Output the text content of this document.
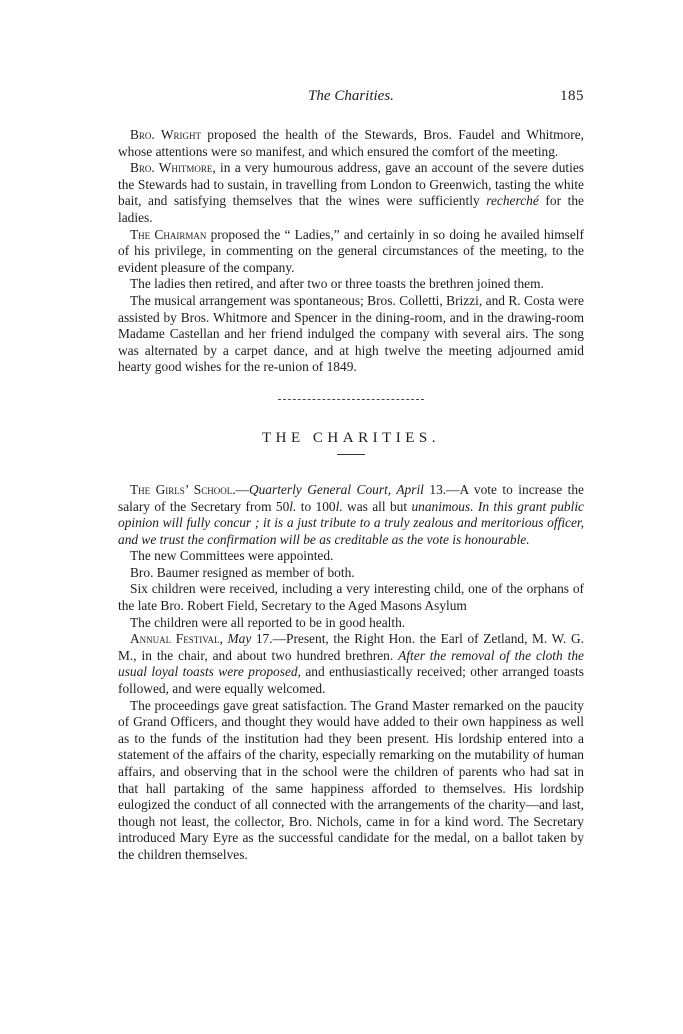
The Charities.	185

Bro. Wright proposed the health of the Stewards, Bros. Faudel and Whitmore, whose attentions were so manifest, and which ensured the comfort of the meeting.

Bro. Whitmore, in a very humourous address, gave an account of the severe duties the Stewards had to sustain, in travelling from London to Greenwich, tasting the white bait, and satisfying themselves that the wines were sufficiently recherché for the ladies.

The Chairman proposed the “ Ladies,” and certainly in so doing he availed himself of his privilege, in commenting on the general circumstances of the meeting, to the evident pleasure of the company.

The ladies then retired, and after two or three toasts the brethren joined them.

The musical arrangement was spontaneous; Bros. Colletti, Brizzi, and R. Costa were assisted by Bros. Whitmore and Spencer in the dining-room, and in the drawing-room Madame Castellan and her friend indulged the company with several airs. The song was alternated by a carpet dance, and at high twelve the meeting adjourned amid hearty good wishes for the re-union of 1849.

THE CHARITIES.

The Girls’ School.—Quarterly General Court, April 13.—A vote to increase the salary of the Secretary from 50l. to 100l. was all but unanimous. In this grant public opinion will fully concur ; it is a just tribute to a truly zealous and meritorious officer, and we trust the confirmation will be as creditable as the vote is honourable.

The new Committees were appointed.

Bro. Baumer resigned as member of both.

Six children were received, including a very interesting child, one of the orphans of the late Bro. Robert Field, Secretary to the Aged Masons Asylum

The children were all reported to be in good health.

Annual Festival, May 17.—Present, the Right Hon. the Earl of Zetland, M. W. G. M., in the chair, and about two hundred brethren. After the removal of the cloth the usual loyal toasts were proposed, and enthusiastically received; other arranged toasts followed, and were equally welcomed.

The proceedings gave great satisfaction. The Grand Master remarked on the paucity of Grand Officers, and thought they would have added to their own happiness as well as to the funds of the institution had they been present. His lordship entered into a statement of the affairs of the charity, especially remarking on the mutability of human affairs, and observing that in the school were the children of parents who had sat in that hall partaking of the same happiness afforded to themselves. His lordship eulogized the conduct of all connected with the arrangements of the charity—and last, though not least, the collector, Bro. Nichols, came in for a kind word. The Secretary introduced Mary Eyre as the successful candidate for the medal, on a ballot taken by the children themselves.
